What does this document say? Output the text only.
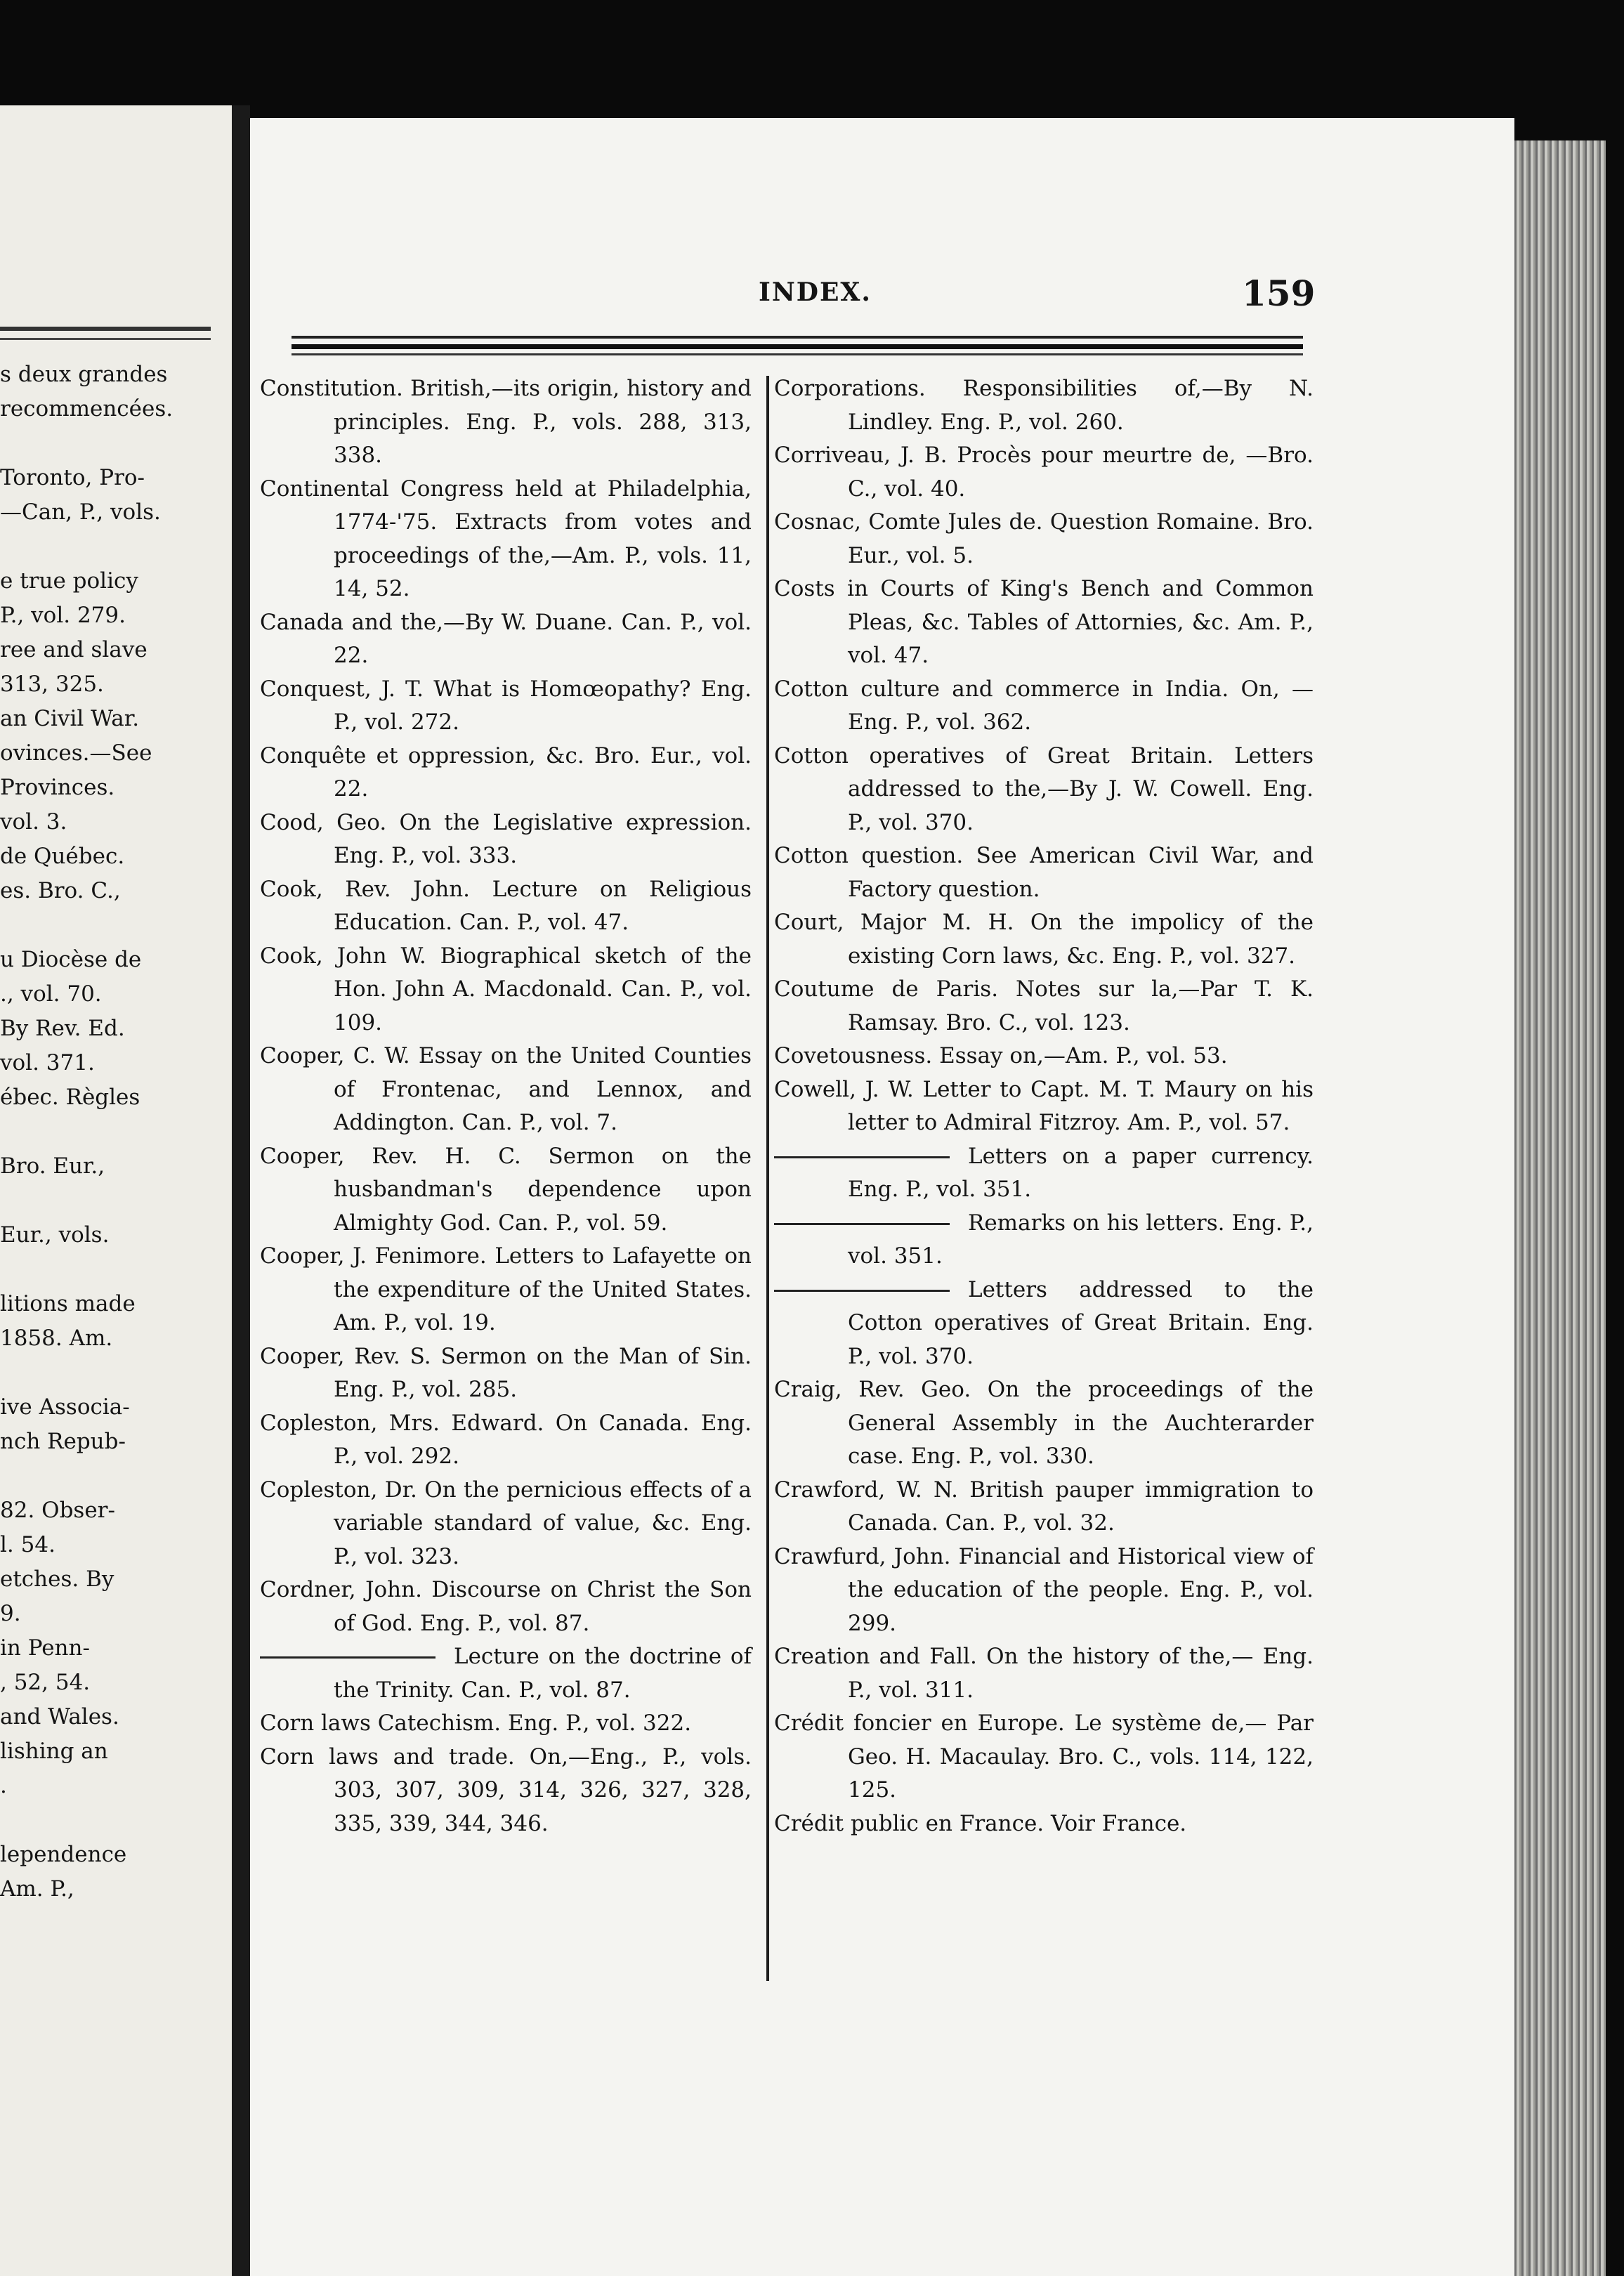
s deux grandes
recommencées.
Toronto, Pro-
—Can, P., vols.
e true policy
P., vol. 279.
ree and slave
313, 325.
an Civil War.
ovinces.—See
Provinces.
vol. 3.
de Québec.
es. Bro. C.,
u Diocèse de
., vol. 70.
By Rev. Ed.
vol. 371.
ébec. Règles
Bro. Eur.,
Eur., vols.
litions made
1858. Am.
ive Associa-
nch Repub-
82. Obser-
l. 54.
etches. By
9.
in Penn-
, 52, 54.
and Wales.
lishing an
.
lependence
Am. P.,
INDEX.	159
Constitution. British,—its origin, history and principles. Eng. P., vols. 288, 313, 338.
Continental Congress held at Philadelphia, 1774-'75. Extracts from votes and proceedings of the,—Am. P., vols. 11, 14, 52.
Canada and the,—By W. Duane. Can. P., vol. 22.
Conquest, J. T. What is Homœopathy? Eng. P., vol. 272.
Conquête et oppression, &c. Bro. Eur., vol. 22.
Cood, Geo. On the Legislative expression. Eng. P., vol. 333.
Cook, Rev. John. Lecture on Religious Education. Can. P., vol. 47.
Cook, John W. Biographical sketch of the Hon. John A. Macdonald. Can. P., vol. 109.
Cooper, C. W. Essay on the United Counties of Frontenac, and Lennox, and Addington. Can. P., vol. 7.
Cooper, Rev. H. C. Sermon on the husbandman's dependence upon Almighty God. Can. P., vol. 59.
Cooper, J. Fenimore. Letters to Lafayette on the expenditure of the United States. Am. P., vol. 19.
Cooper, Rev. S. Sermon on the Man of Sin. Eng. P., vol. 285.
Copleston, Mrs. Edward. On Canada. Eng. P., vol. 292.
Copleston, Dr. On the pernicious effects of a variable standard of value, &c. Eng. P., vol. 323.
Cordner, John. Discourse on Christ the Son of God. Eng. P., vol. 87.
Lecture on the doctrine of the Trinity. Can. P., vol. 87.
Corn laws Catechism. Eng. P., vol. 322.
Corn laws and trade. On,—Eng., P., vols. 303, 307, 309, 314, 326, 327, 328, 335, 339, 344, 346.
Corporations. Responsibilities of,—By N. Lindley. Eng. P., vol. 260.
Corriveau, J. B. Procès pour meurtre de, —Bro. C., vol. 40.
Cosnac, Comte Jules de. Question Romaine. Bro. Eur., vol. 5.
Costs in Courts of King's Bench and Common Pleas, &c. Tables of Attornies, &c. Am. P., vol. 47.
Cotton culture and commerce in India. On, —Eng. P., vol. 362.
Cotton operatives of Great Britain. Letters addressed to the,—By J. W. Cowell. Eng. P., vol. 370.
Cotton question. See American Civil War, and Factory question.
Court, Major M. H. On the impolicy of the existing Corn laws, &c. Eng. P., vol. 327.
Coutume de Paris. Notes sur la,—Par T. K. Ramsay. Bro. C., vol. 123.
Covetousness. Essay on,—Am. P., vol. 53.
Cowell, J. W. Letter to Capt. M. T. Maury on his letter to Admiral Fitzroy. Am. P., vol. 57.
Letters on a paper currency. Eng. P., vol. 351.
Remarks on his letters. Eng. P., vol. 351.
Letters addressed to the Cotton operatives of Great Britain. Eng. P., vol. 370.
Craig, Rev. Geo. On the proceedings of the General Assembly in the Auchterarder case. Eng. P., vol. 330.
Crawford, W. N. British pauper immigration to Canada. Can. P., vol. 32.
Crawfurd, John. Financial and Historical view of the education of the people. Eng. P., vol. 299.
Creation and Fall. On the history of the,— Eng. P., vol. 311.
Crédit foncier en Europe. Le système de,— Par Geo. H. Macaulay. Bro. C., vols. 114, 122, 125.
Crédit public en France. Voir France.
